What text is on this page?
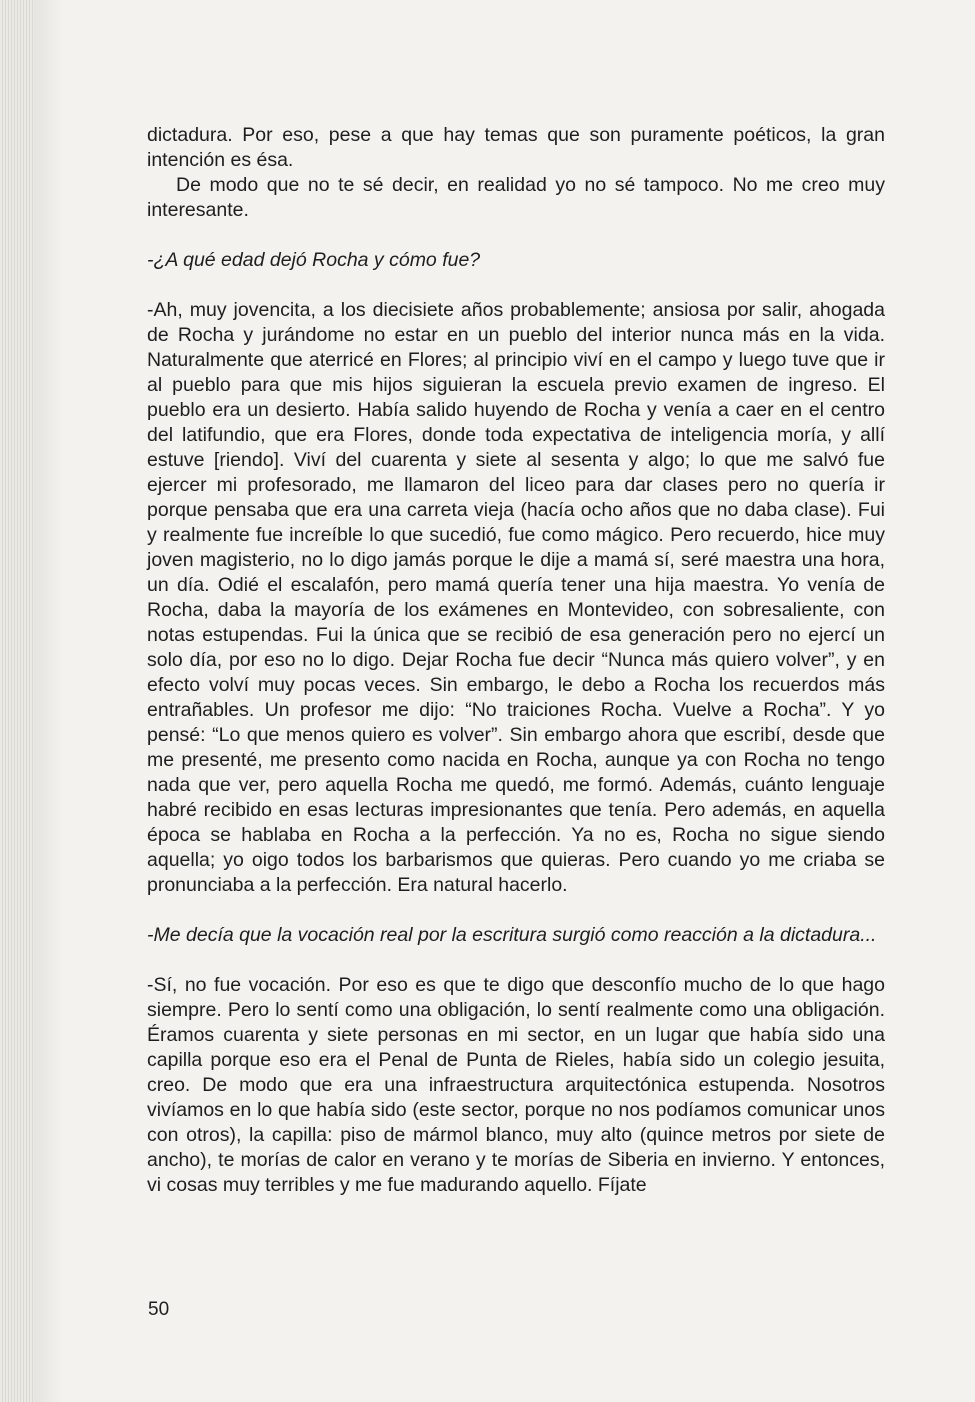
dictadura. Por eso, pese a que hay temas que son puramente poéticos, la gran intención es ésa.

De modo que no te sé decir, en realidad yo no sé tampoco. No me creo muy interesante.

-¿A qué edad dejó Rocha y cómo fue?

-Ah, muy jovencita, a los diecisiete años probablemente; ansiosa por salir, ahogada de Rocha y jurándome no estar en un pueblo del interior nunca más en la vida. Naturalmente que aterricé en Flores; al principio viví en el campo y luego tuve que ir al pueblo para que mis hijos siguieran la escuela previo examen de ingreso. El pueblo era un desierto. Había salido huyendo de Rocha y venía a caer en el centro del latifundio, que era Flores, donde toda expectativa de inteligencia moría, y allí estuve [riendo]. Viví del cuarenta y siete al sesenta y algo; lo que me salvó fue ejercer mi profesorado, me llamaron del liceo para dar clases pero no quería ir porque pensaba que era una carreta vieja (hacía ocho años que no daba clase). Fui y realmente fue increíble lo que sucedió, fue como mágico. Pero recuerdo, hice muy joven magisterio, no lo digo jamás porque le dije a mamá sí, seré maestra una hora, un día. Odié el escalafón, pero mamá quería tener una hija maestra. Yo venía de Rocha, daba la mayoría de los exámenes en Montevideo, con sobresaliente, con notas estupendas. Fui la única que se recibió de esa generación pero no ejercí un solo día, por eso no lo digo. Dejar Rocha fue decir “Nunca más quiero volver”, y en efecto volví muy pocas veces. Sin embargo, le debo a Rocha los recuerdos más entrañables. Un profesor me dijo: “No traiciones Rocha. Vuelve a Rocha”. Y yo pensé: “Lo que menos quiero es volver”. Sin embargo ahora que escribí, desde que me presenté, me presento como nacida en Rocha, aunque ya con Rocha no tengo nada que ver, pero aquella Rocha me quedó, me formó. Además, cuánto lenguaje habré recibido en esas lecturas impresionantes que tenía. Pero además, en aquella época se hablaba en Rocha a la perfección. Ya no es, Rocha no sigue siendo aquella; yo oigo todos los barbarismos que quieras. Pero cuando yo me criaba se pronunciaba a la perfección. Era natural hacerlo.

-Me decía que la vocación real por la escritura surgió como reacción a la dictadura...

-Sí, no fue vocación. Por eso es que te digo que desconfío mucho de lo que hago siempre. Pero lo sentí como una obligación, lo sentí realmente como una obligación. Éramos cuarenta y siete personas en mi sector, en un lugar que había sido una capilla porque eso era el Penal de Punta de Rieles, había sido un colegio jesuita, creo. De modo que era una infraestructura arquitectónica estupenda. Nosotros vivíamos en lo que había sido (este sector, porque no nos podíamos comunicar unos con otros), la capilla: piso de mármol blanco, muy alto (quince metros por siete de ancho), te morías de calor en verano y te morías de Siberia en invierno. Y entonces, vi cosas muy terribles y me fue madurando aquello. Fíjate

50
